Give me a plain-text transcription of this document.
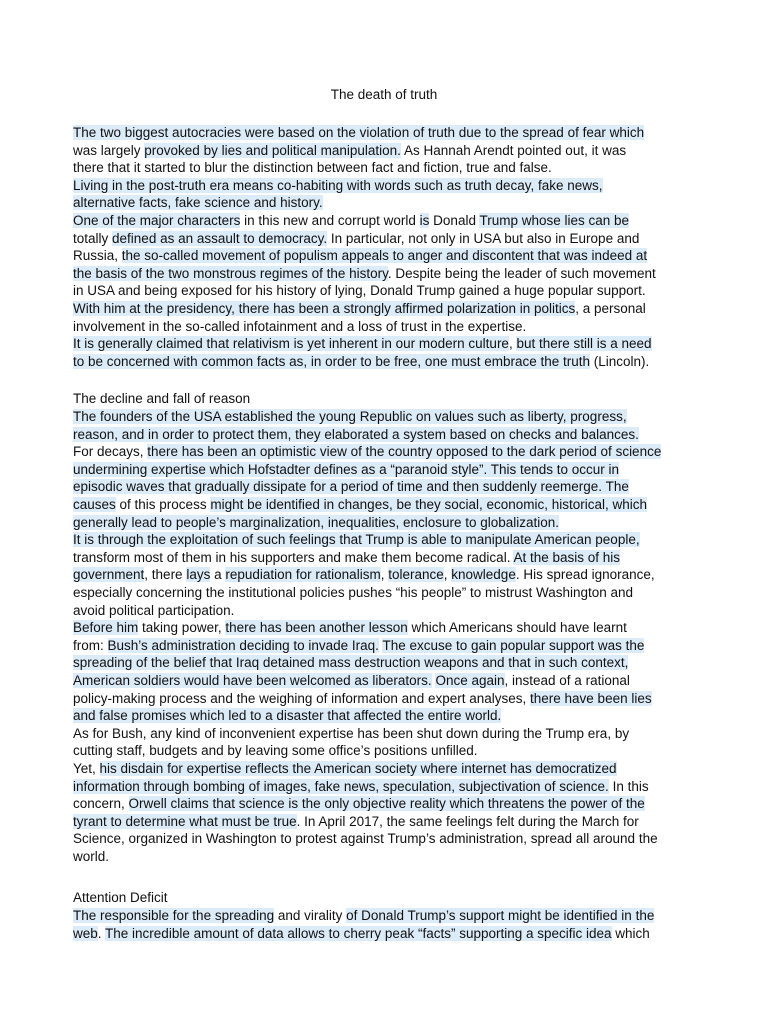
The death of truth
The two biggest autocracies were based on the violation of truth due to the spread of fear which
was largely provoked by lies and political manipulation. As Hannah Arendt pointed out, it was
there that it started to blur the distinction between fact and fiction, true and false.
Living in the post-truth era means co-habiting with words such as truth decay, fake news,
alternative facts, fake science and history.
One of the major characters in this new and corrupt world is Donald Trump whose lies can be
totally defined as an assault to democracy. In particular, not only in USA but also in Europe and
Russia, the so-called movement of populism appeals to anger and discontent that was indeed at
the basis of the two monstrous regimes of the history. Despite being the leader of such movement
in USA and being exposed for his history of lying, Donald Trump gained a huge popular support.
With him at the presidency, there has been a strongly affirmed polarization in politics, a personal
involvement in the so-called infotainment and a loss of trust in the expertise.
It is generally claimed that relativism is yet inherent in our modern culture, but there still is a need
to be concerned with common facts as, in order to be free, one must embrace the truth (Lincoln).
The founders of the USA established the young Republic on values such as liberty, progress,
reason, and in order to protect them, they elaborated a system based on checks and balances.
For decays, there has been an optimistic view of the country opposed to the dark period of science
undermining expertise which Hofstadter defines as a “paranoid style”. This tends to occur in
episodic waves that gradually dissipate for a period of time and then suddenly reemerge. The
causes of this process might be identified in changes, be they social, economic, historical, which
generally lead to people’s marginalization, inequalities, enclosure to globalization.
It is through the exploitation of such feelings that Trump is able to manipulate American people,
transform most of them in his supporters and make them become radical. At the basis of his
government, there lays a repudiation for rationalism, tolerance, knowledge. His spread ignorance,
especially concerning the institutional policies pushes “his people” to mistrust Washington and
avoid political participation.
Before him taking power, there has been another lesson which Americans should have learnt
from: Bush’s administration deciding to invade Iraq. The excuse to gain popular support was the
spreading of the belief that Iraq detained mass destruction weapons and that in such context,
American soldiers would have been welcomed as liberators. Once again, instead of a rational
policy-making process and the weighing of information and expert analyses, there have been lies
and false promises which led to a disaster that affected the entire world.
As for Bush, any kind of inconvenient expertise has been shut down during the Trump era, by
cutting staff, budgets and by leaving some office’s positions unfilled.
Yet, his disdain for expertise reflects the American society where internet has democratized
information through bombing of images, fake news, speculation, subjectivation of science. In this
concern, Orwell claims that science is the only objective reality which threatens the power of the
tyrant to determine what must be true. In April 2017, the same feelings felt during the March for
Science, organized in Washington to protest against Trump’s administration, spread all around the
world.
The responsible for the spreading and virality of Donald Trump’s support might be identified in the
web. The incredible amount of data allows to cherry peak “facts” supporting a specific idea which
The decline and fall of reason
Attention Deficit
